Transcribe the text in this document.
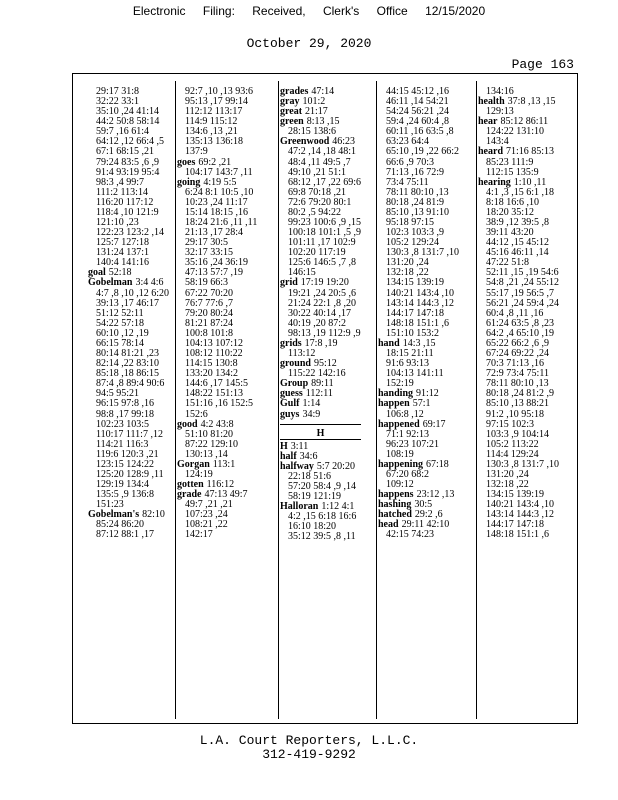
Electronic Filing: Received, Clerk's Office 12/15/2020
October 29, 2020
Page 163
29:17 31:8
32:22 33:1
35:10 ,24 41:14
44:2 50:8 58:14
59:7 ,16 61:4
64:12 ,12 66:4 ,5
67:1 68:15 ,21
79:24 83:5 ,6 ,9
91:4 93:19 95:4
98:3 ,4 99:7
111:2 113:14
116:20 117:12
118:4 ,10 121:9
121:10 ,23
122:23 123:2 ,14
125:7 127:18
131:24 137:1
140:4 141:16
goal 52:18
Gobelman 3:4 4:6
4:7 ,8 ,10 ,12 6:20
39:13 ,17 46:17
51:12 52:11
54:22 57:18
60:10 ,12 ,19
66:15 78:14
80:14 81:21 ,23
82:14 ,22 83:10
85:18 ,18 86:15
87:4 ,8 89:4 90:6
94:5 95:21
96:15 97:8 ,16
98:8 ,17 99:18
102:23 103:5
110:17 111:7 ,12
114:21 116:3
119:6 120:3 ,21
123:15 124:22
125:20 128:9 ,11
129:19 134:4
135:5 ,9 136:8
151:23
Gobelman's 82:10
85:24 86:20
87:12 88:1 ,17
92:7 ,10 ,13 93:6
95:13 ,17 99:14
112:12 113:17
114:9 115:12
134:6 ,13 ,21
135:13 136:18
137:9
goes 69:2 ,21
104:17 143:7 ,11
going 4:19 5:5
6:24 8:1 10:5 ,10
10:23 ,24 11:17
15:14 18:15 ,16
18:24 21:6 ,11 ,11
21:13 ,17 28:4
29:17 30:5
32:17 33:15
35:16 ,24 36:19
47:13 57:7 ,19
58:19 66:3
67:22 70:20
76:7 77:6 ,7
79:20 80:24
81:21 87:24
100:8 101:8
104:13 107:12
108:12 110:22
114:15 130:8
133:20 134:2
144:6 ,17 145:5
148:22 151:13
151:16 ,16 152:5
152:6
good 4:2 43:8
51:10 81:20
87:22 129:10
130:13 ,14
Gorgan 113:1
124:19
gotten 116:12
grade 47:13 49:7
49:7 ,21 ,21
107:23 ,24
108:21 ,22
142:17
grades 47:14
gray 101:2
great 21:17
green 8:13 ,15
28:15 138:6
Greenwood 46:23
47:2 ,14 ,18 48:1
48:4 ,11 49:5 ,7
49:10 ,21 51:1
68:12 ,17 ,22 69:6
69:8 70:18 ,21
72:6 79:20 80:1
80:2 ,5 94:22
99:23 100:6 ,9 ,15
100:18 101:1 ,5 ,9
101:11 ,17 102:9
102:20 117:19
125:6 146:5 ,7 ,8
146:15
grid 17:19 19:20
19:21 ,24 20:5 ,6
21:24 22:1 ,8 ,20
30:22 40:14 ,17
40:19 ,20 87:2
98:13 ,19 112:9 ,9
grids 17:8 ,19
113:12
ground 95:12
115:22 142:16
Group 89:11
guess 112:11
Gulf 1:14
guys 34:9
H
H 3:11
half 34:6
halfway 5:7 20:20
22:18 51:6
57:20 58:4 ,9 ,14
58:19 121:19
Halloran 1:12 4:1
4:2 ,15 6:18 16:6
16:10 18:20
35:12 39:5 ,8 ,11
44:15 45:12 ,16
46:11 ,14 54:21
54:24 56:21 ,24
59:4 ,24 60:4 ,8
60:11 ,16 63:5 ,8
63:23 64:4
65:10 ,19 ,22 66:2
66:6 ,9 70:3
71:13 ,16 72:9
73:4 75:11
78:11 80:10 ,13
80:18 ,24 81:9
85:10 ,13 91:10
95:18 97:15
102:3 103:3 ,9
105:2 129:24
130:3 ,8 131:7 ,10
131:20 ,24
132:18 ,22
134:15 139:19
140:21 143:4 ,10
143:14 144:3 ,12
144:17 147:18
148:18 151:1 ,6
151:10 153:2
hand 14:3 ,15
18:15 21:11
91:6 93:13
104:13 141:11
152:19
handing 91:12
happen 57:1
106:8 ,12
happened 69:17
71:1 92:13
96:23 107:21
108:19
happening 67:18
67:20 68:2
109:12
happens 23:12 ,13
hashing 30:5
hatched 29:2 ,6
head 29:11 42:10
42:15 74:23
134:16
health 37:8 ,13 ,15
129:13
hear 85:12 86:11
124:22 131:10
143:4
heard 71:16 85:13
85:23 111:9
112:15 135:9
hearing 1:10 ,11
4:1 ,3 ,15 6:1 ,18
8:18 16:6 ,10
18:20 35:12
38:9 ,12 39:5 ,8
39:11 43:20
44:12 ,15 45:12
45:16 46:11 ,14
47:22 51:8
52:11 ,15 ,19 54:6
54:8 ,21 ,24 55:12
55:17 ,19 56:5 ,7
56:21 ,24 59:4 ,24
60:4 ,8 ,11 ,16
61:24 63:5 ,8 ,23
64:2 ,4 65:10 ,19
65:22 66:2 ,6 ,9
67:24 69:22 ,24
70:3 71:13 ,16
72:9 73:4 75:11
78:11 80:10 ,13
80:18 ,24 81:2 ,9
85:10 ,13 88:21
91:2 ,10 95:18
97:15 102:3
103:3 ,9 104:14
105:2 113:22
114:4 129:24
130:3 ,8 131:7 ,10
131:20 ,24
132:18 ,22
134:15 139:19
140:21 143:4 ,10
143:14 144:3 ,12
144:17 147:18
148:18 151:1 ,6
L.A. Court Reporters, L.L.C.
312-419-9292
